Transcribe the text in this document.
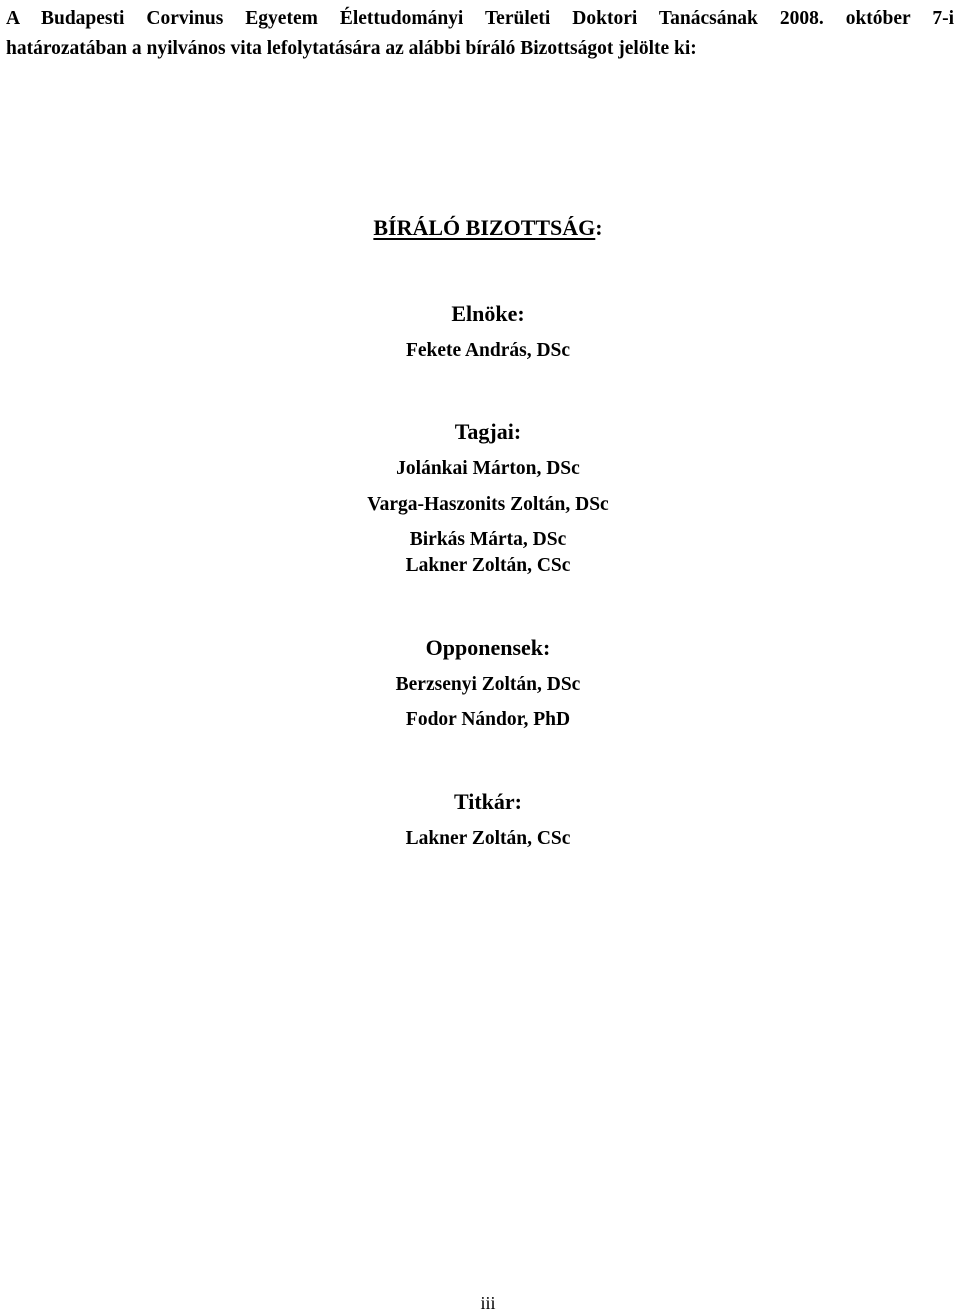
A Budapesti Corvinus Egyetem Élettudományi Területi Doktori Tanácsának 2008. október 7-i
határozatában a nyilvános vita lefolytatására az alábbi bíráló Bizottságot jelölte ki:
BÍRÁLÓ BIZOTTSÁG:
Elnöke:
Fekete András, DSc
Tagjai:
Jolánkai Márton, DSc
Varga-Haszonits Zoltán, DSc
Birkás Márta, DSc
Lakner Zoltán, CSc
Opponensek:
Berzsenyi Zoltán, DSc
Fodor Nándor, PhD
Titkár:
Lakner Zoltán, CSc
iii
